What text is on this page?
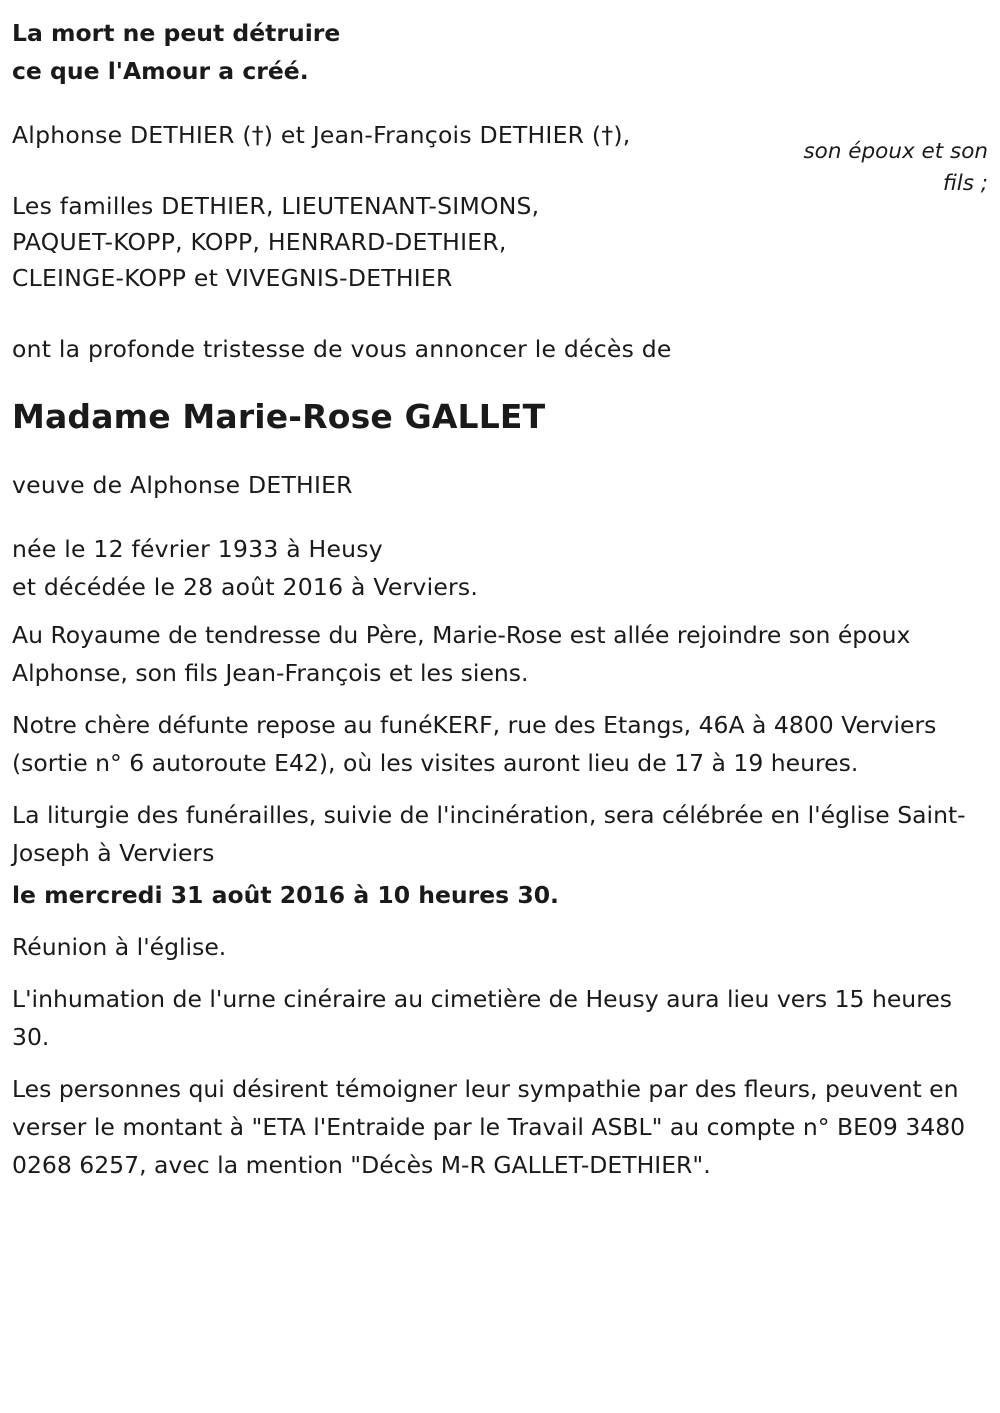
La mort ne peut détruire
ce que l'Amour a créé.
Alphonse DETHIER (†) et Jean-François DETHIER (†),
son époux et son
fils ;
Les familles DETHIER, LIEUTENANT-SIMONS,
PAQUET-KOPP, KOPP, HENRARD-DETHIER,
CLEINGE-KOPP et VIVEGNIS-DETHIER
ont la profonde tristesse de vous annoncer le décès de
Madame Marie-Rose GALLET
veuve de Alphonse DETHIER
née le 12 février 1933 à Heusy
et décédée le 28 août 2016 à Verviers.
Au Royaume de tendresse du Père, Marie-Rose est allée rejoindre son époux Alphonse, son fils Jean-François et les siens.
Notre chère défunte repose au funéKERF, rue des Etangs, 46A à 4800 Verviers (sortie n° 6 autoroute E42), où les visites auront lieu de 17 à 19 heures.
La liturgie des funérailles, suivie de l'incinération, sera célébrée en l'église Saint-Joseph à Verviers
le mercredi 31 août 2016 à 10 heures 30.
Réunion à l'église.
L'inhumation de l'urne cinéraire au cimetière de Heusy aura lieu vers 15 heures 30.
Les personnes qui désirent témoigner leur sympathie par des fleurs, peuvent en verser le montant à "ETA l'Entraide par le Travail ASBL" au compte n° BE09 3480 0268 6257, avec la mention "Décès M-R GALLET-DETHIER".
